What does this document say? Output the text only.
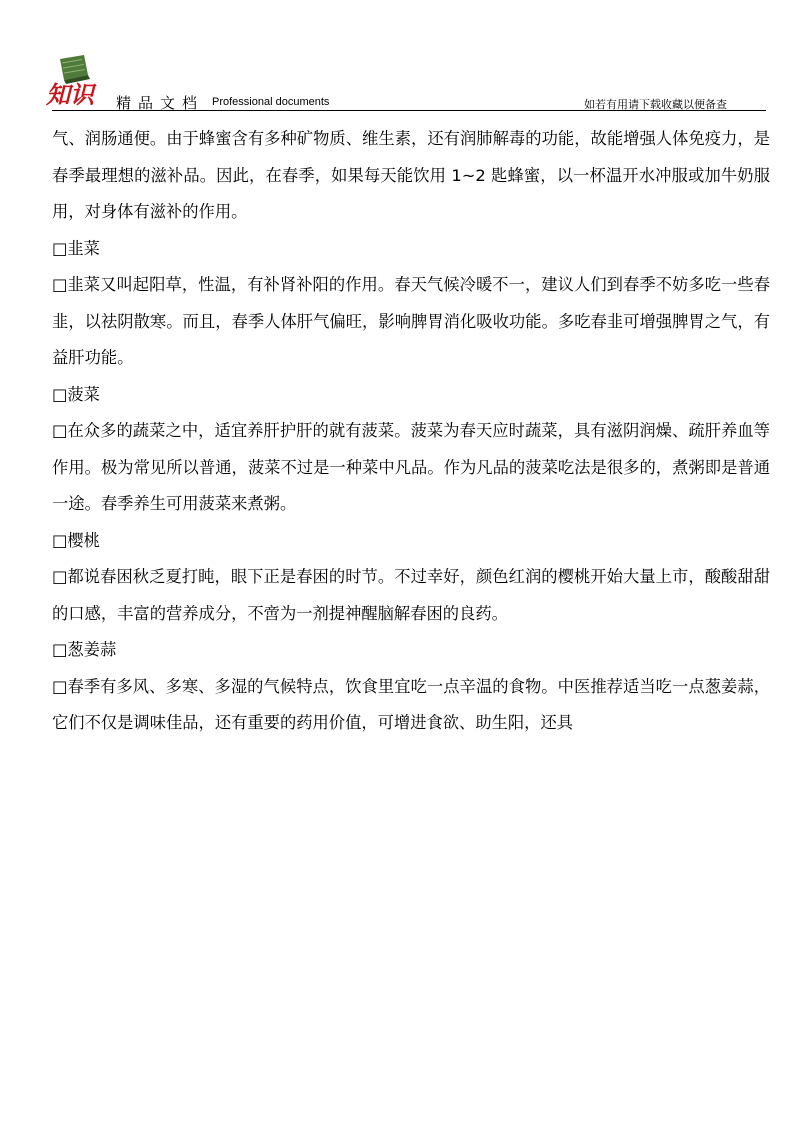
知识 精品文档 Professional documents	如若有用请下载收藏以便备查

气、润肠通便。由于蜂蜜含有多种矿物质、维生素，还有润肺解毒的功能，故能增强人体免疫力，是春季最理想的滋补品。因此，在春季，如果每天能饮用 1~2 匙蜂蜜，以一杯温开水冲服或加牛奶服用，对身体有滋补的作用。

□韭菜

□韭菜又叫起阳草，性温，有补肾补阳的作用。春天气候冷暖不一，建议人们到春季不妨多吃一些春韭，以祛阴散寒。而且，春季人体肝气偏旺，影响脾胃消化吸收功能。多吃春韭可增强脾胃之气，有益肝功能。

□菠菜

□在众多的蔬菜之中，适宜养肝护肝的就有菠菜。菠菜为春天应时蔬菜，具有滋阴润燥、疏肝养血等作用。极为常见所以普通，菠菜不过是一种菜中凡品。作为凡品的菠菜吃法是很多的，煮粥即是普通一途。春季养生可用菠菜来煮粥。

□樱桃

□都说春困秋乏夏打盹，眼下正是春困的时节。不过幸好，颜色红润的樱桃开始大量上市，酸酸甜甜的口感，丰富的营养成分，不啻为一剂提神醒脑解春困的良药。

□葱姜蒜

□春季有多风、多寒、多湿的气候特点，饮食里宜吃一点辛温的食物。中医推荐适当吃一点葱姜蒜，它们不仅是调味佳品，还有重要的药用价值，可增进食欲、助生阳，还具
